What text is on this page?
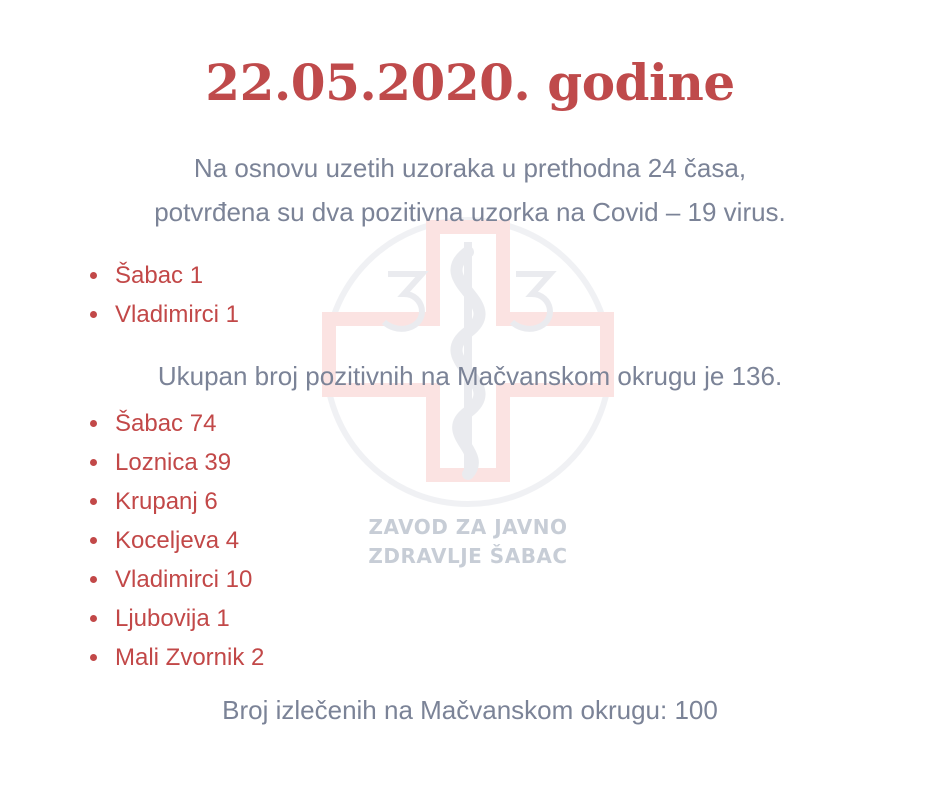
ZAVOD ZA JAVNO
ZDRAVLJE ŠABAC
22.05.2020. godine
Na osnovu uzetih uzoraka u prethodna 24 časa,
potvrđena su dva pozitivna uzorka na Covid – 19 virus.
Šabac 1
Vladimirci 1
Ukupan broj pozitivnih na Mačvanskom okrugu je 136.
Šabac 74
Loznica 39
Krupanj 6
Koceljeva 4
Vladimirci 10
Ljubovija 1
Mali Zvornik 2
Broj izlečenih na Mačvanskom okrugu: 100
